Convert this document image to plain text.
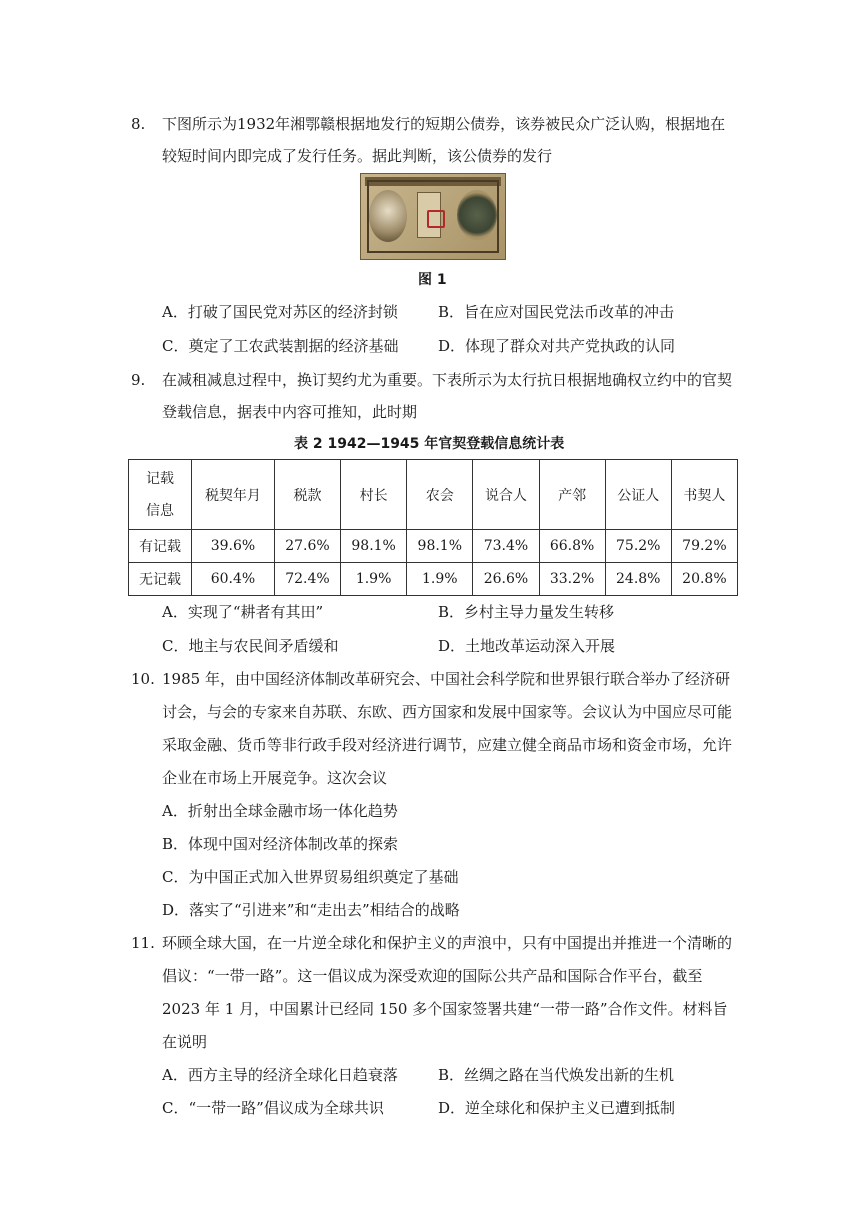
8. 下图所示为1932年湘鄂赣根据地发行的短期公债券，该券被民众广泛认购，根据地在
较短时间内即完成了发行任务。据此判断，该公债券的发行
图 1
A．打破了国民党对苏区的经济封锁	B．旨在应对国民党法币改革的冲击
C．奠定了工农武装割据的经济基础	D．体现了群众对共产党执政的认同
9. 在减租减息过程中，换订契约尤为重要。下表所示为太行抗日根据地确权立约中的官契
登载信息，据表中内容可推知，此时期
表 2 1942—1945 年官契登载信息统计表
记载
信息	税契年月	税款	村长	农会	说合人	产邻	公证人	书契人
有记载	39.6%	27.6%	98.1%	98.1%	73.4%	66.8%	75.2%	79.2%
无记载	60.4%	72.4%	1.9%	1.9%	26.6%	33.2%	24.8%	20.8%
A．实现了“耕者有其田”	B．乡村主导力量发生转移
C．地主与农民间矛盾缓和	D．土地改革运动深入开展
10. 1985 年，由中国经济体制改革研究会、中国社会科学院和世界银行联合举办了经济研
讨会，与会的专家来自苏联、东欧、西方国家和发展中国家等。会议认为中国应尽可能
采取金融、货币等非行政手段对经济进行调节，应建立健全商品市场和资金市场，允许
企业在市场上开展竞争。这次会议
A．折射出全球金融市场一体化趋势
B．体现中国对经济体制改革的探索
C．为中国正式加入世界贸易组织奠定了基础
D．落实了“引进来”和“走出去”相结合的战略
11. 环顾全球大国，在一片逆全球化和保护主义的声浪中，只有中国提出并推进一个清晰的
倡议：“一带一路”。这一倡议成为深受欢迎的国际公共产品和国际合作平台，截至
2023 年 1 月，中国累计已经同 150 多个国家签署共建“一带一路”合作文件。材料旨
在说明
A．西方主导的经济全球化日趋衰落	B．丝绸之路在当代焕发出新的生机
C．“一带一路”倡议成为全球共识	D．逆全球化和保护主义已遭到抵制
